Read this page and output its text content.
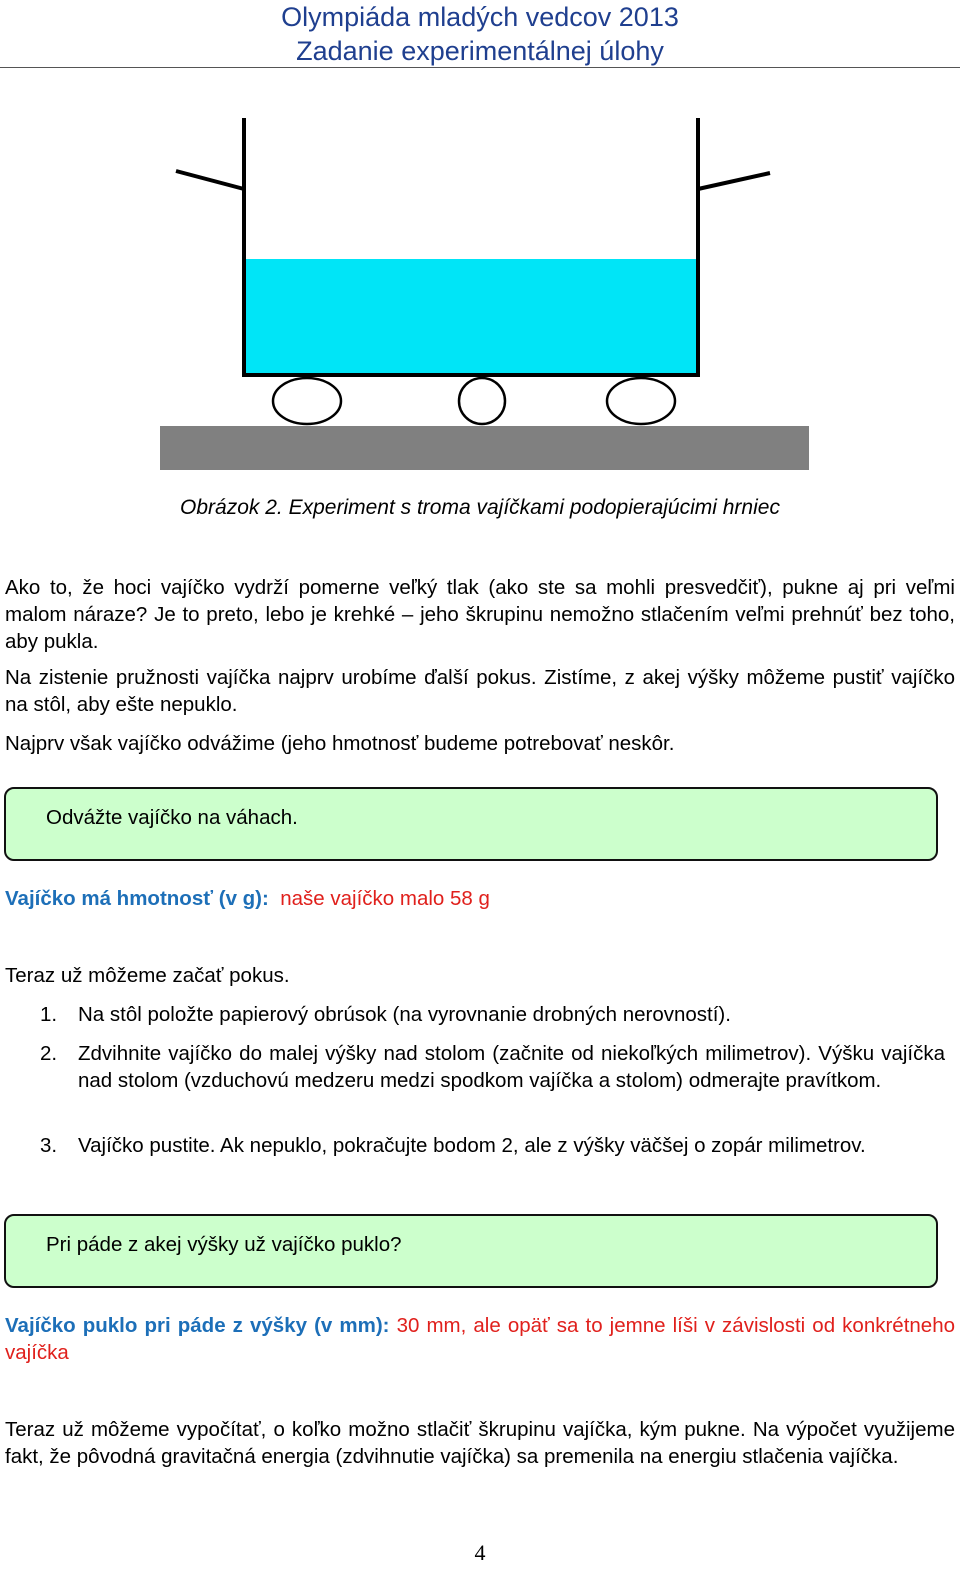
Olympiáda mladých vedcov 2013
Zadanie experimentálnej úlohy
Obrázok 2. Experiment s troma vajíčkami podopierajúcimi hrniec
Ako to, že hoci vajíčko vydrží pomerne veľký tlak (ako ste sa mohli presvedčiť), pukne aj pri veľmi malom náraze? Je to preto, lebo je krehké – jeho škrupinu nemožno stlačením veľmi prehnúť bez toho, aby pukla.
Na zistenie pružnosti vajíčka najprv urobíme ďalší pokus. Zistíme, z akej výšky môžeme pustiť vajíčko na stôl, aby ešte nepuklo.
Najprv však vajíčko odvážime (jeho hmotnosť budeme potrebovať neskôr.
Odvážte vajíčko na váhach.
Vajíčko má hmotnosť (v g): naše vajíčko malo 58 g
Teraz už môžeme začať pokus.
1. Na stôl položte papierový obrúsok (na vyrovnanie drobných nerovností).
2. Zdvihnite vajíčko do malej výšky nad stolom (začnite od niekoľkých milimetrov). Výšku vajíčka nad stolom (vzduchovú medzeru medzi spodkom vajíčka a stolom) odmerajte pravítkom.
3. Vajíčko pustite. Ak nepuklo, pokračujte bodom 2, ale z výšky väčšej o zopár milimetrov.
Pri páde z akej výšky už vajíčko puklo?
Vajíčko puklo pri páde z výšky (v mm): 30 mm, ale opäť sa to jemne líši v závislosti od konkrétneho vajíčka
Teraz už môžeme vypočítať, o koľko možno stlačiť škrupinu vajíčka, kým pukne. Na výpočet využijeme fakt, že pôvodná gravitačná energia (zdvihnutie vajíčka) sa premenila na energiu stlačenia vajíčka.
4
